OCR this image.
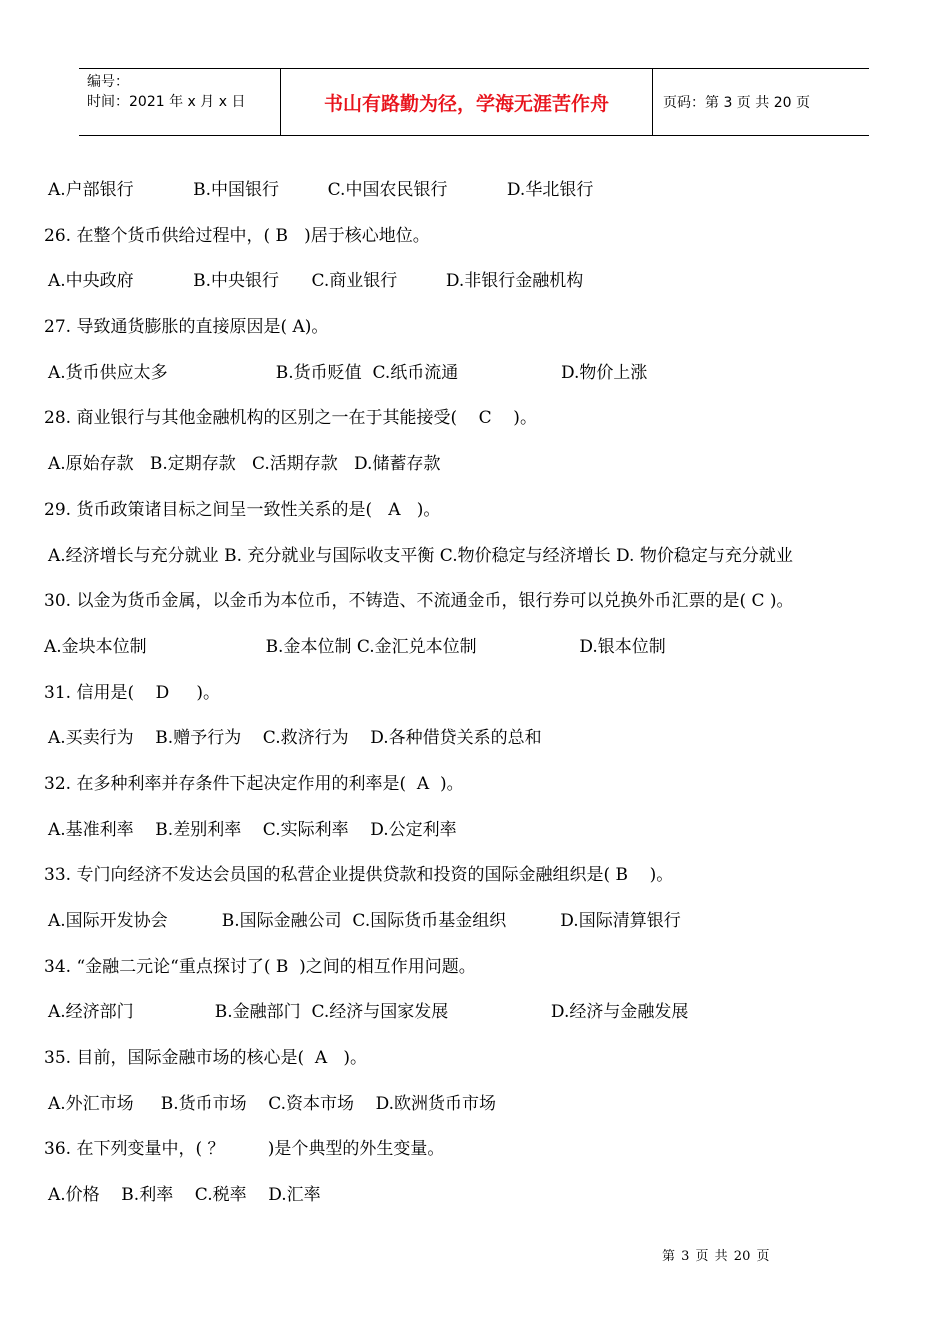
编号：
时间：2021 年 x 月 x 日	书山有路勤为径，学海无涯苦作舟	页码：第 3 页 共 20 页
A.户部银行           B.中国银行         C.中国农民银行           D.华北银行
26. 在整个货币供给过程中，( B   )居于核心地位。
A.中央政府           B.中央银行      C.商业银行         D.非银行金融机构
27. 导致通货膨胀的直接原因是( A)。
A.货币供应太多                    B.货币贬值  C.纸币流通                   D.物价上涨
28. 商业银行与其他金融机构的区别之一在于其能接受(    C    )。
A.原始存款   B.定期存款   C.活期存款   D.储蓄存款
29. 货币政策诸目标之间呈一致性关系的是(   A   )。
A.经济增长与充分就业 B. 充分就业与国际收支平衡 C.物价稳定与经济增长 D. 物价稳定与充分就业
30. 以金为货币金属，以金币为本位币，不铸造、不流通金币，银行券可以兑换外币汇票的是( C )。
A.金块本位制                      B.金本位制 C.金汇兑本位制                   D.银本位制
31. 信用是(    D     )。
A.买卖行为    B.赠予行为    C.救济行为    D.各种借贷关系的总和
32. 在多种利率并存条件下起决定作用的利率是(  A  )。
A.基准利率    B.差别利率    C.实际利率    D.公定利率
33. 专门向经济不发达会员国的私营企业提供贷款和投资的国际金融组织是( B    )。
A.国际开发协会          B.国际金融公司  C.国际货币基金组织          D.国际清算银行
34. “金融二元论“重点探讨了( B  )之间的相互作用问题。
A.经济部门               B.金融部门  C.经济与国家发展                   D.经济与金融发展
35. 目前，国际金融市场的核心是(  A   )。
A.外汇市场     B.货币市场    C.资本市场    D.欧洲货币市场
36. 在下列变量中，( ？        )是个典型的外生变量。
A.价格    B.利率    C.税率    D.汇率
第 3 页 共 20 页
